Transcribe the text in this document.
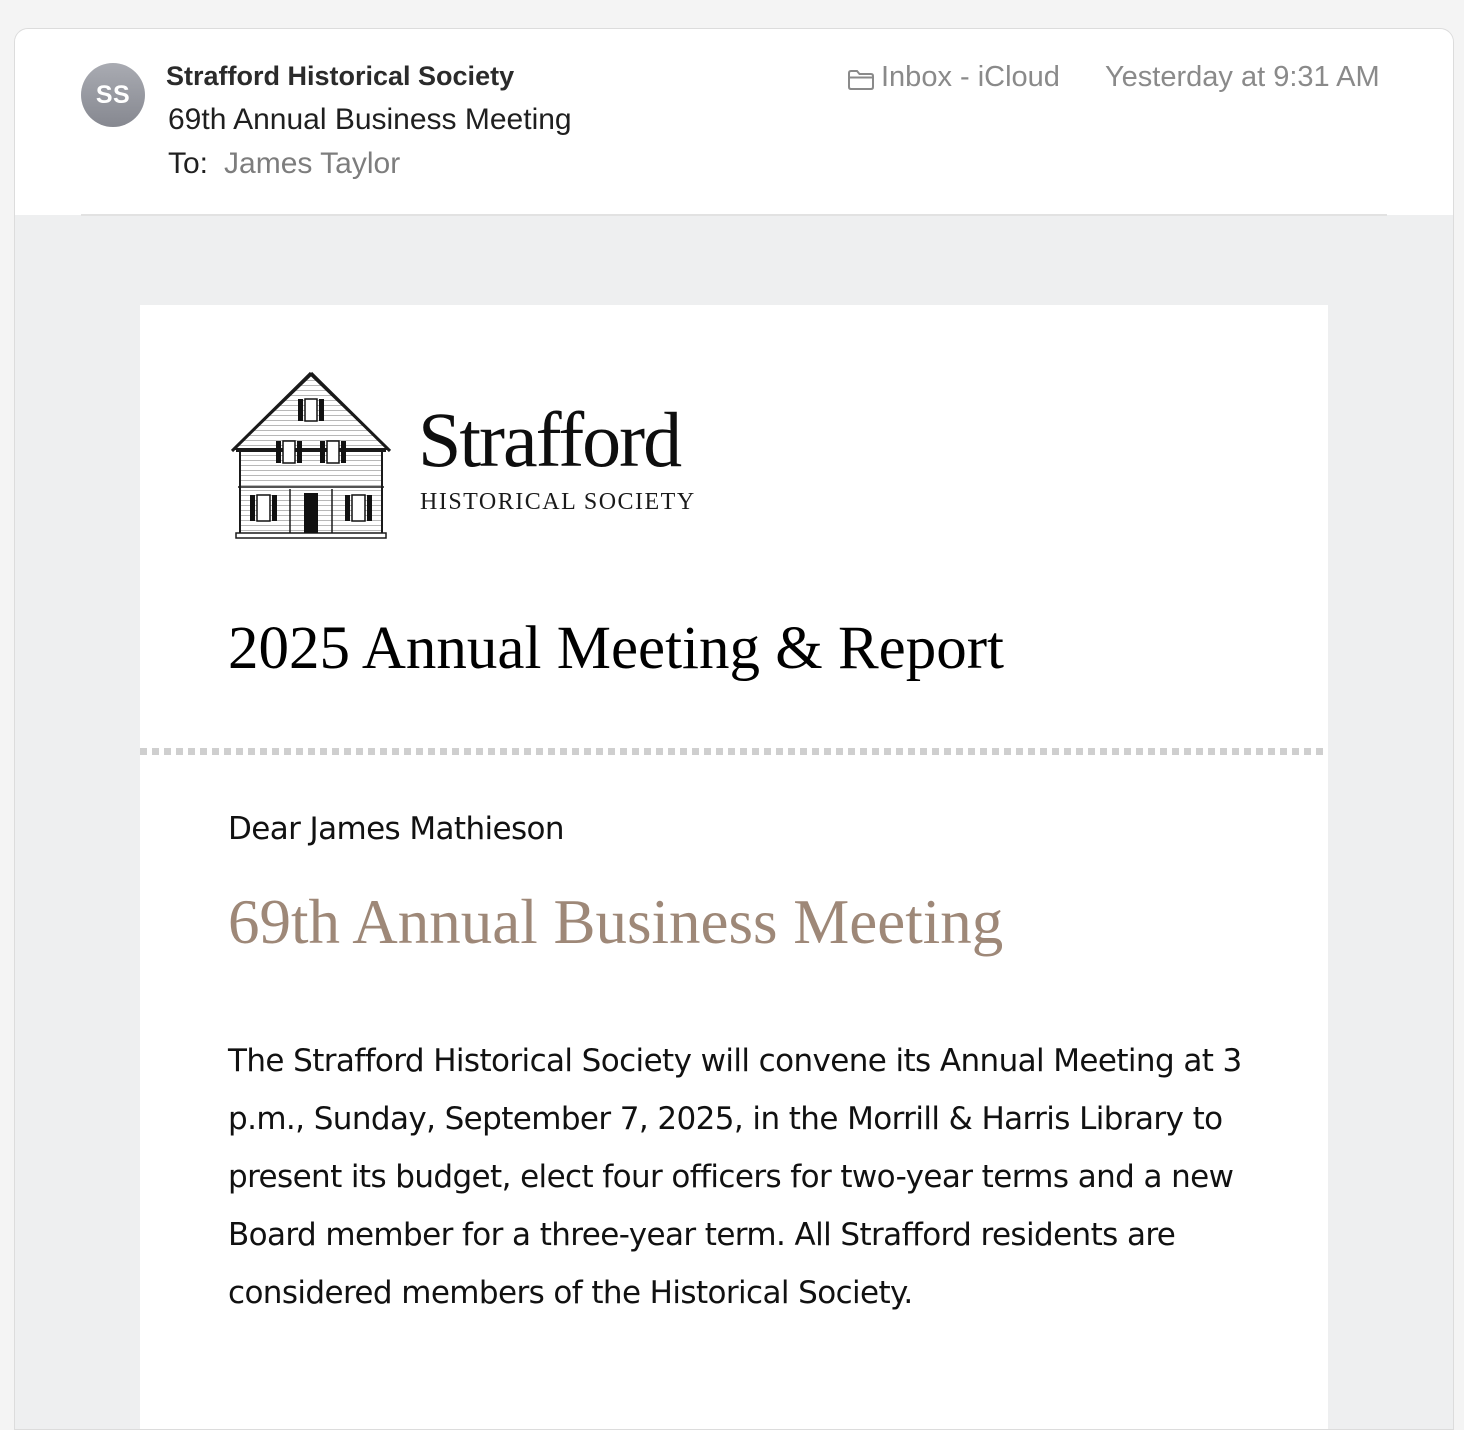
SS
Strafford Historical Society
69th Annual Business Meeting
To: James Taylor
Inbox - iCloud Yesterday at 9:31 AM
Strafford
HISTORICAL SOCIETY
2025 Annual Meeting & Report
Dear James Mathieson
69th Annual Business Meeting

The Strafford Historical Society will convene its Annual Meeting at 3 p.m., Sunday, September 7, 2025, in the Morrill & Harris Library to present its budget, elect four officers for two-year terms and a new Board member for a three-year term. All Strafford residents are considered members of the Historical Society.
